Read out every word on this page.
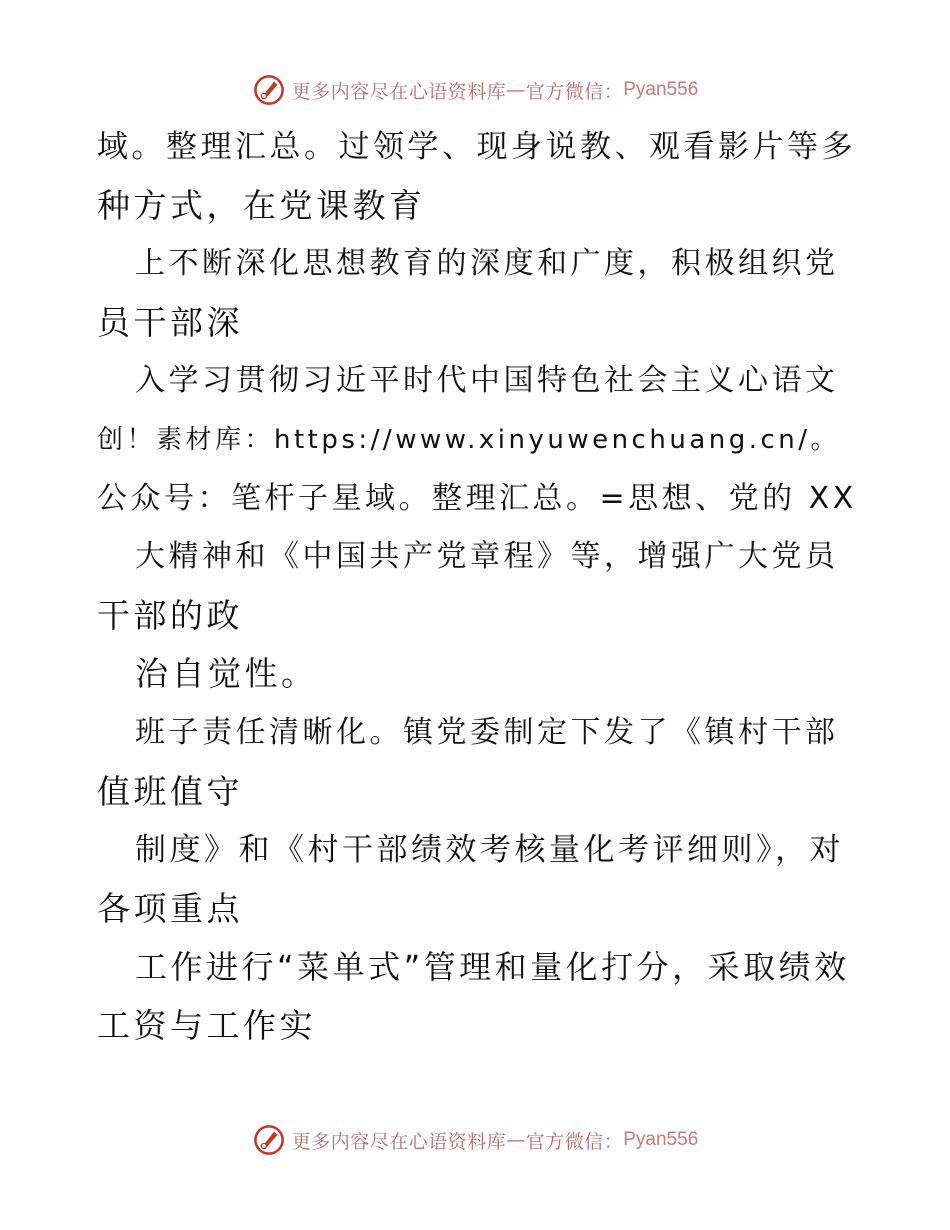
更多内容尽在心语资料库 — 官方微信： Pyan556
域。整理汇总。过领学、现身说教、观看影片等多
种方式，在党课教育
上不断深化思想教育的深度和广度，积极组织党
员干部深
入学习贯彻习近平时代中国特色社会主义心语文
创！素材库：https://www.xinyuwenchuang.cn/。
公众号：笔杆子星域。整理汇总。=思想、党的 XX
大精神和《中国共产党章程》等，增强广大党员
干部的政
治自觉性。
班子责任清晰化。镇党委制定下发了《镇村干部
值班值守
制度》和《村干部绩效考核量化考评细则》，对
各项重点
工作进行“菜单式”管理和量化打分，采取绩效
工资与工作实
更多内容尽在心语资料库 — 官方微信： Pyan556
